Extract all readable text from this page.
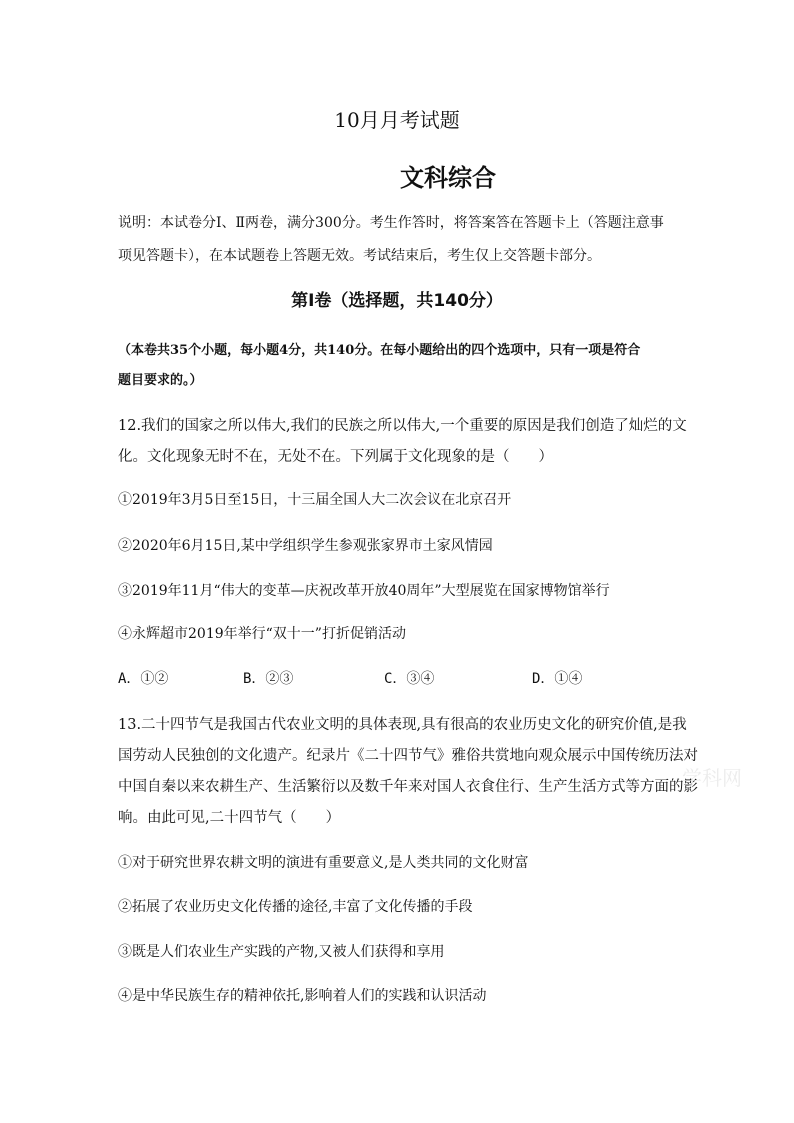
10月月考试题
文科综合
说明：本试卷分Ⅰ、Ⅱ两卷，满分300分。考生作答时，将答案答在答题卡上（答题注意事
项见答题卡），在本试题卷上答题无效。考试结束后，考生仅上交答题卡部分。
第Ⅰ卷（选择题，共140分）
（本卷共35个小题，每小题4分，共140分。在每小题给出的四个选项中，只有一项是符合
题目要求的。）
12.我们的国家之所以伟大,我们的民族之所以伟大,一个重要的原因是我们创造了灿烂的文
化。文化现象无时不在，无处不在。下列属于文化现象的是（　　）
①2019年3月5日至15日，十三届全国人大二次会议在北京召开
②2020年6月15日,某中学组织学生参观张家界市土家风情园
③2019年11月“伟大的变革—庆祝改革开放40周年”大型展览在国家博物馆举行
④永辉超市2019年举行“双十一”打折促销活动
A．①②	B．②③	C．③④	D．①④
13.二十四节气是我国古代农业文明的具体表现,具有很高的农业历史文化的研究价值,是我
国劳动人民独创的文化遗产。纪录片《二十四节气》雅俗共赏地向观众展示中国传统历法对
中国自秦以来农耕生产、生活繁衍以及数千年来对国人衣食住行、生产生活方式等方面的影
响。由此可见,二十四节气（　　）
①对于研究世界农耕文明的演进有重要意义,是人类共同的文化财富
②拓展了农业历史文化传播的途径,丰富了文化传播的手段
③既是人们农业生产实践的产物,又被人们获得和享用
④是中华民族生存的精神依托,影响着人们的实践和认识活动
学科网
